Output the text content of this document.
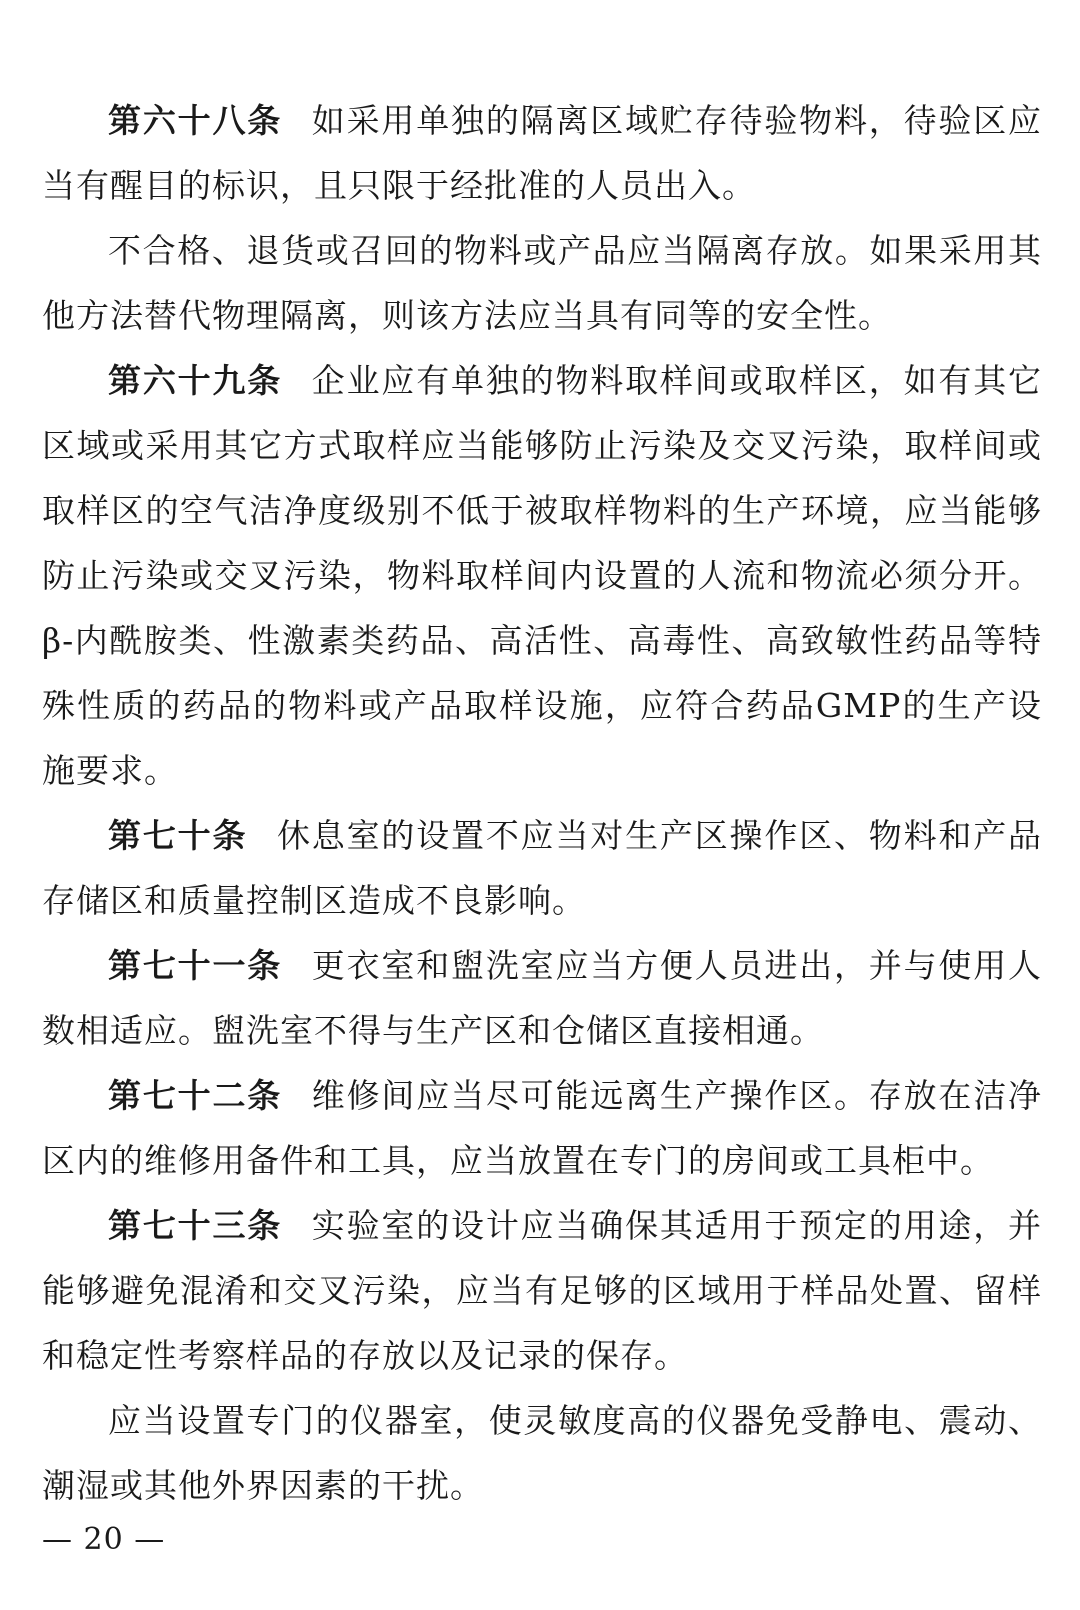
第六十八条 如采用单独的隔离区域贮存待验物料，待验区应当有醒目的标识，且只限于经批准的人员出入。

不合格、退货或召回的物料或产品应当隔离存放。如果采用其他方法替代物理隔离，则该方法应当具有同等的安全性。

第六十九条 企业应有单独的物料取样间或取样区，如有其它区域或采用其它方式取样应当能够防止污染及交叉污染，取样间或取样区的空气洁净度级别不低于被取样物料的生产环境，应当能够防止污染或交叉污染，物料取样间内设置的人流和物流必须分开。β-内酰胺类、性激素类药品、高活性、高毒性、高致敏性药品等特殊性质的药品的物料或产品取样设施，应符合药品GMP的生产设施要求。

第七十条 休息室的设置不应当对生产区操作区、物料和产品存储区和质量控制区造成不良影响。

第七十一条 更衣室和盥洗室应当方便人员进出，并与使用人数相适应。盥洗室不得与生产区和仓储区直接相通。

第七十二条 维修间应当尽可能远离生产操作区。存放在洁净区内的维修用备件和工具，应当放置在专门的房间或工具柜中。

第七十三条 实验室的设计应当确保其适用于预定的用途，并能够避免混淆和交叉污染，应当有足够的区域用于样品处置、留样和稳定性考察样品的存放以及记录的保存。

应当设置专门的仪器室，使灵敏度高的仪器免受静电、震动、潮湿或其他外界因素的干扰。

— 20 —
